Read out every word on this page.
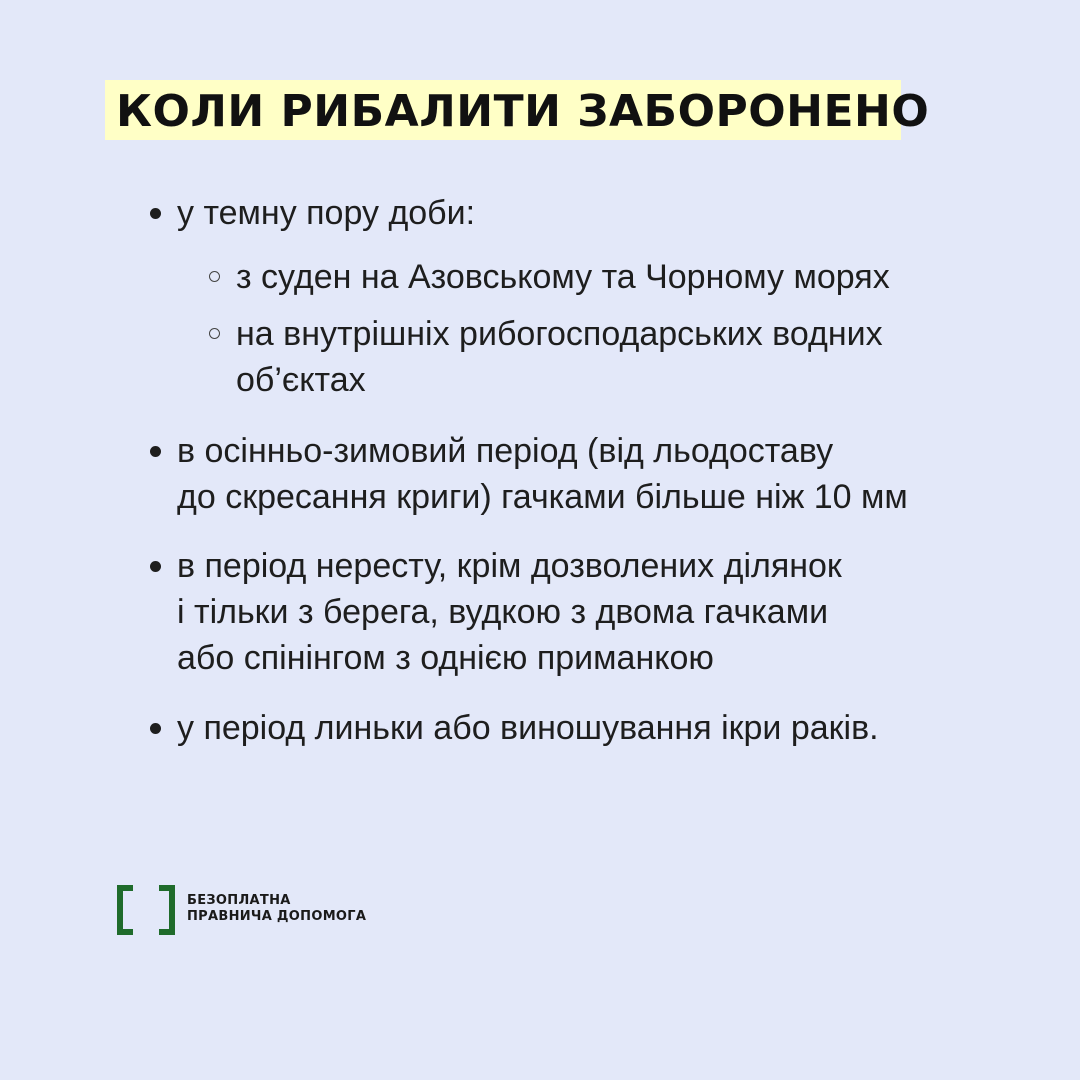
КОЛИ РИБАЛИТИ ЗАБОРОНЕНО
у темну пору доби:
з суден на Азовському та Чорному морях
на внутрішніх рибогосподарських водних
об’єктах
в осінньо-зимовий період (від льодоставу
до скресання криги) гачками більше ніж 10 мм
в період нересту, крім дозволених ділянок
і тільки з берега, вудкою з двома гачками
або спінінгом з однією приманкою
у період линьки або виношування ікри раків.
БЕЗОПЛАТНА
ПРАВНИЧА ДОПОМОГА
